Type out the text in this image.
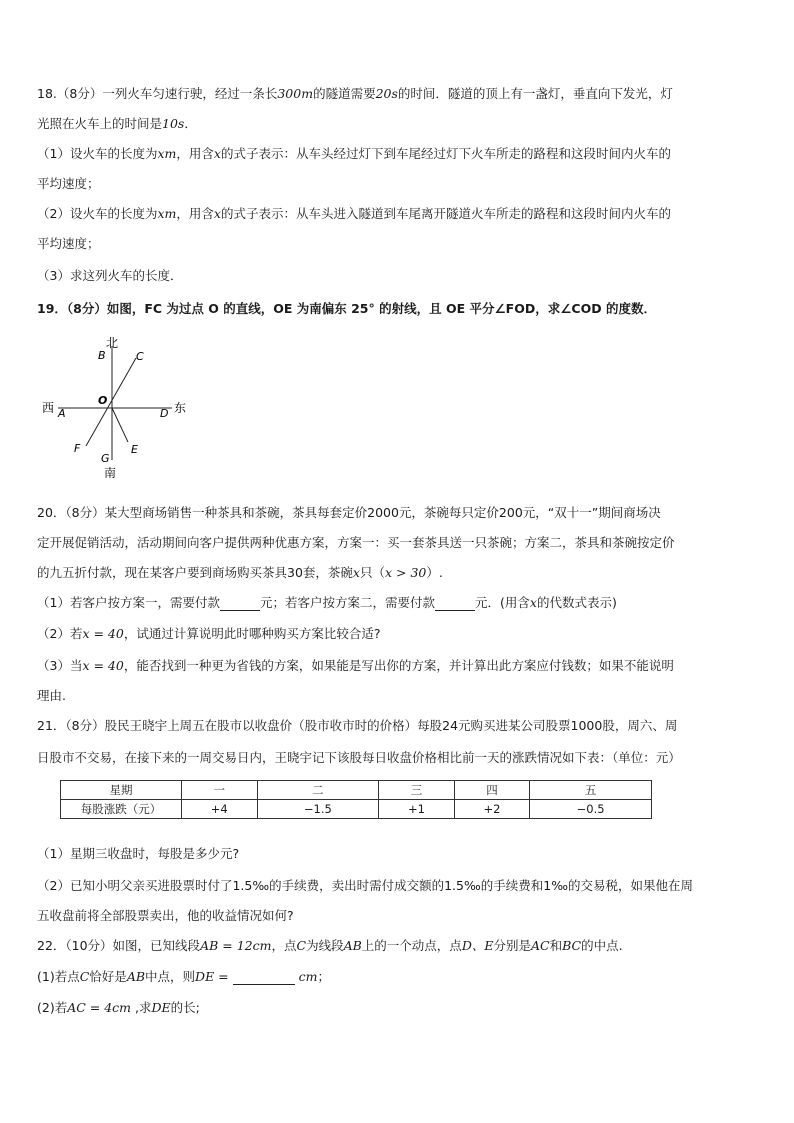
18.（8分）一列火车匀速行驶，经过一条长300m的隧道需要20s的时间．隧道的顶上有一盏灯，垂直向下发光，灯
光照在火车上的时间是10s．
（1）设火车的长度为xm，用含x的式子表示：从车头经过灯下到车尾经过灯下火车所走的路程和这段时间内火车的
平均速度；
（2）设火车的长度为xm，用含x的式子表示：从车头进入隧道到车尾离开隧道火车所走的路程和这段时间内火车的
平均速度；
（3）求这列火车的长度．
19．（8分）如图，FC 为过点 O 的直线，OE 为南偏东 25° 的射线，且 OE 平分∠FOD，求∠COD 的度数．
北
B	C
O
西 A	D 东
F	E
G
南
20．（8分）某大型商场销售一种茶具和茶碗，茶具每套定价2000元，茶碗每只定价200元，“双十一”期间商场决
定开展促销活动，活动期间向客户提供两种优惠方案，方案一：买一套茶具送一只茶碗；方案二，茶具和茶碗按定价
的九五折付款，现在某客户要到商场购买茶具30套，茶碗x只（x > 30）.
（1）若客户按方案一，需要付款	元；若客户按方案二，需要付款	元．(用含x的代数式表示)
（2）若x = 40，试通过计算说明此时哪种购买方案比较合适?
（3）当x = 40，能否找到一种更为省钱的方案，如果能是写出你的方案，并计算出此方案应付钱数；如果不能说明
理由.
21．（8分）股民王晓宇上周五在股市以收盘价（股市收市时的价格）每股24元购买进某公司股票1000股，周六、周
日股市不交易，在接下来的一周交易日内，王晓宇记下该股每日收盘价格相比前一天的涨跌情况如下表：（单位：元）
星期	一	二	三	四	五
每股涨跌（元）	+4	−1.5	+1	+2	−0.5
（1）星期三收盘时，每股是多少元?
（2）已知小明父亲买进股票时付了1.5‰的手续费，卖出时需付成交额的1.5‰的手续费和1‰的交易税，如果他在周
五收盘前将全部股票卖出，他的收益情况如何?
22．（10分）如图，已知线段AB = 12cm，点C为线段AB上的一个动点，点D、E分别是AC和BC的中点.
(1)若点C恰好是AB中点，则DE =	cm；
(2)若AC = 4cm ,求DE的长;
